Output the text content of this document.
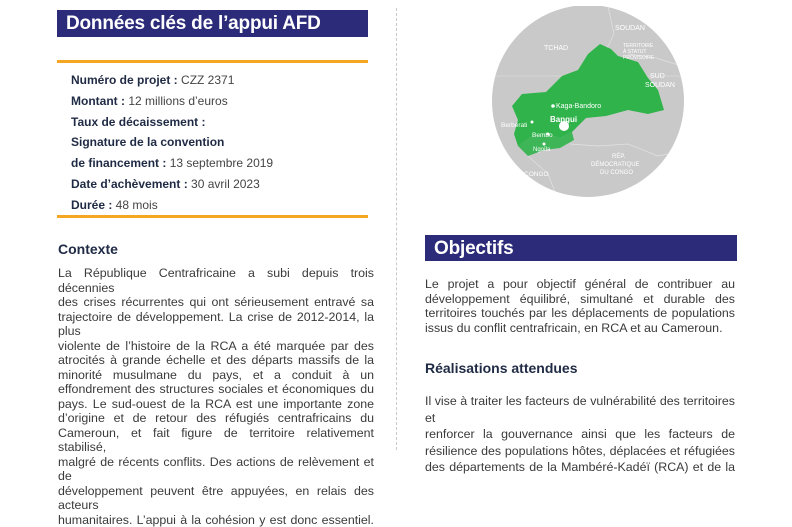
Données clés de l’appui AFD
Numéro de projet : CZZ 2371
Montant : 12 millions d’euros
Taux de décaissement :
Signature de la convention
de financement : 13 septembre 2019
Date d’achèvement : 30 avril 2023
Durée : 48 mois
Contexte
La République Centrafricaine a subi depuis trois décennies
des crises récurrentes qui ont sérieusement entravé sa
trajectoire de développement. La crise de 2012-2014, la plus
violente de l’histoire de la RCA a été marquée par des
atrocités à grande échelle et des départs massifs de la
minorité musulmane du pays, et a conduit à un
effondrement des structures sociales et économiques du
pays. Le sud-ouest de la RCA est une importante zone
d’origine et de retour des réfugiés centrafricains du
Cameroun, et fait figure de territoire relativement stabilisé,
malgré de récents conflits. Des actions de relèvement et de
développement peuvent être appuyées, en relais des acteurs
humanitaires. L’appui à la cohésion y est donc essentiel.
SOUDAN
TCHAD	TERRITOIRE
À STATUT
PROVISOIRE
SUD
SOUDAN
Kaga-Bandoro
Bangui
Berbérati
Bembo
Ngoïla
RÉP.
DÉMOCRATIQUE
DU CONGO
CONGO
Objectifs
Le projet a pour objectif général de contribuer au
développement équilibré, simultané et durable des
territoires touchés par les déplacements de populations
issus du conflit centrafricain, en RCA et au Cameroun.
Réalisations attendues
Il vise à traiter les facteurs de vulnérabilité des territoires et
renforcer la gouvernance ainsi que les facteurs de
résilience des populations hôtes, déplacées et réfugiées
des départements de la Mambéré-Kadéï (RCA) et de la
